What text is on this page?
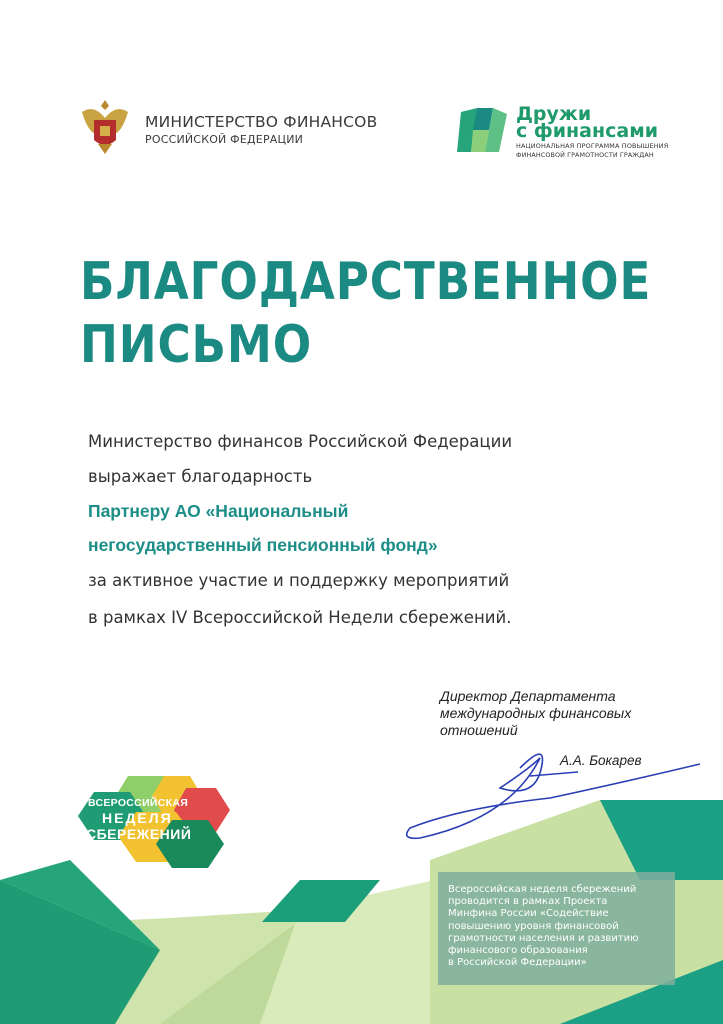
МИНИСТЕРСТВО ФИНАНСОВ
РОССИЙСКОЙ ФЕДЕРАЦИИ
Дружи
с финансами
НАЦИОНАЛЬНАЯ ПРОГРАММА ПОВЫШЕНИЯ
ФИНАНСОВОЙ ГРАМОТНОСТИ ГРАЖДАН
БЛАГОДАРСТВЕННОЕ
ПИСЬМО
Министерство финансов Российской Федерации
выражает благодарность
Партнеру АО «Национальный
негосударственный пенсионный фонд»
за активное участие и поддержку мероприятий
в рамках IV Всероссийской Недели сбережений.
Директор Департамента
международных финансовых
отношений
А.А. Бокарев
ВСЕРОССИЙСКАЯ
НЕДЕЛЯ
СБЕРЕЖЕНИЙ
Всероссийская неделя сбережений
проводится в рамках Проекта
Минфина России «Содействие
повышению уровня финансовой
грамотности населения и развитию
финансового образования
в Российской Федерации»
